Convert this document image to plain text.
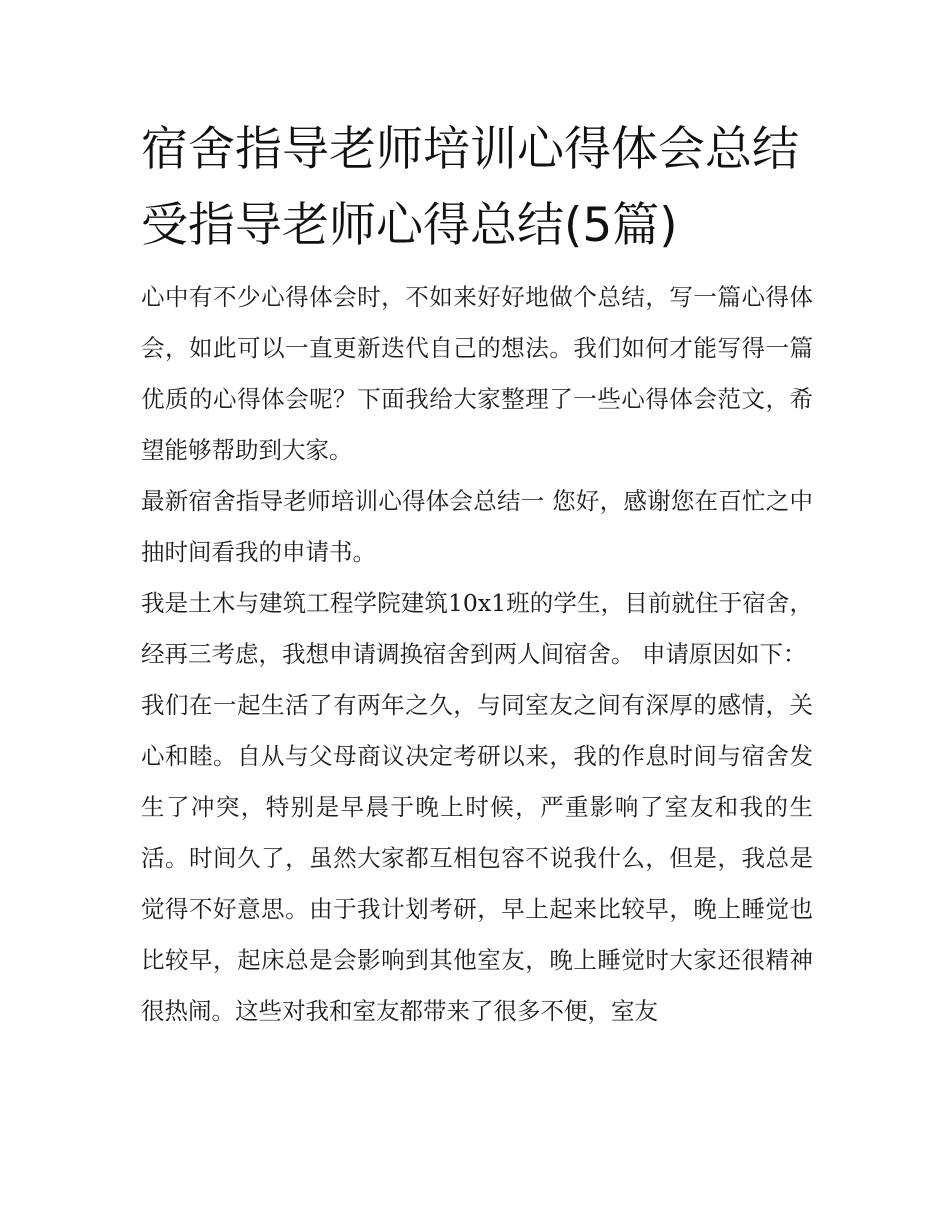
宿舍指导老师培训心得体会总结 受指导老师心得总结(5篇)

心中有不少心得体会时，不如来好好地做个总结，写一篇心得体会，如此可以一直更新迭代自己的想法。我们如何才能写得一篇优质的心得体会呢？下面我给大家整理了一些心得体会范文，希望能够帮助到大家。

最新宿舍指导老师培训心得体会总结一 您好，感谢您在百忙之中抽时间看我的申请书。

我是土木与建筑工程学院建筑10x1班的学生，目前就住于宿舍，经再三考虑，我想申请调换宿舍到两人间宿舍。 申请原因如下：

我们在一起生活了有两年之久，与同室友之间有深厚的感情，关心和睦。自从与父母商议决定考研以来，我的作息时间与宿舍发生了冲突，特别是早晨于晚上时候，严重影响了室友和我的生活。时间久了，虽然大家都互相包容不说我什么，但是，我总是觉得不好意思。由于我计划考研，早上起来比较早，晚上睡觉也比较早，起床总是会影响到其他室友，晚上睡觉时大家还很精神很热闹。这些对我和室友都带来了很多不便，室友
